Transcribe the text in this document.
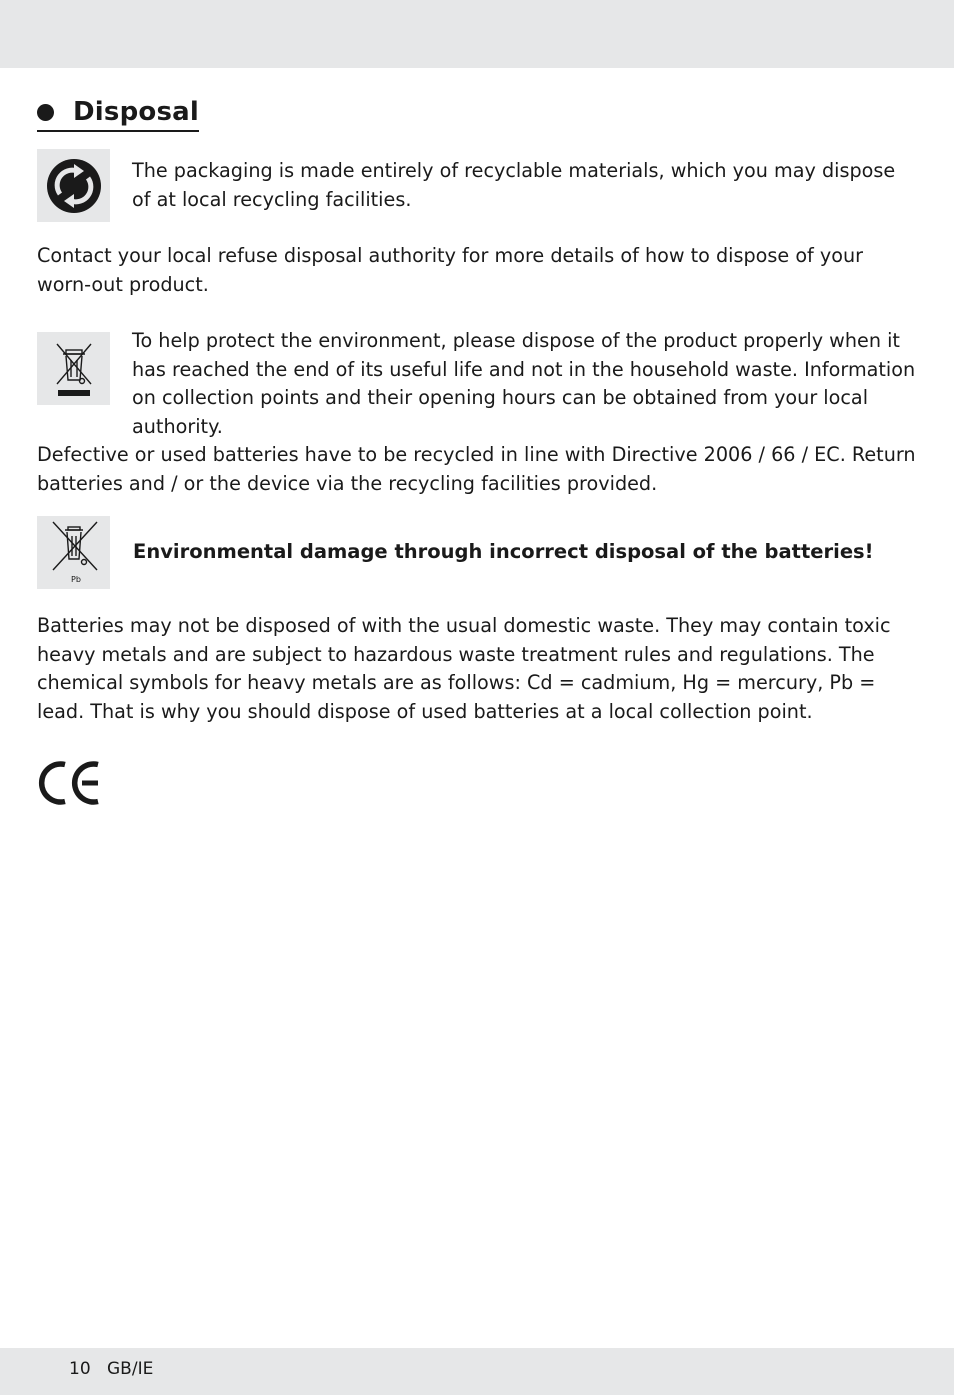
Disposal

The packaging is made entirely of recyclable materials, which you may dispose of at local recycling facilities.

Contact your local refuse disposal authority for more details of how to dispose of your worn-out product.

To help protect the environment, please dispose of the product properly when it has reached the end of its useful life and not in the household waste. Information on collection points and their opening hours can be obtained from your local authority.

Defective or used batteries have to be recycled in line with Directive 2006 / 66 / EC. Return batteries and / or the device via the recycling facilities provided.

Pb

Environmental damage through incorrect disposal of the batteries!

Batteries may not be disposed of with the usual domestic waste. They may contain toxic heavy metals and are subject to hazardous waste treatment rules and regulations. The chemical symbols for heavy metals are as follows: Cd = cadmium, Hg = mercury, Pb = lead. That is why you should dispose of used batteries at a local collection point.

10 GB/IE
